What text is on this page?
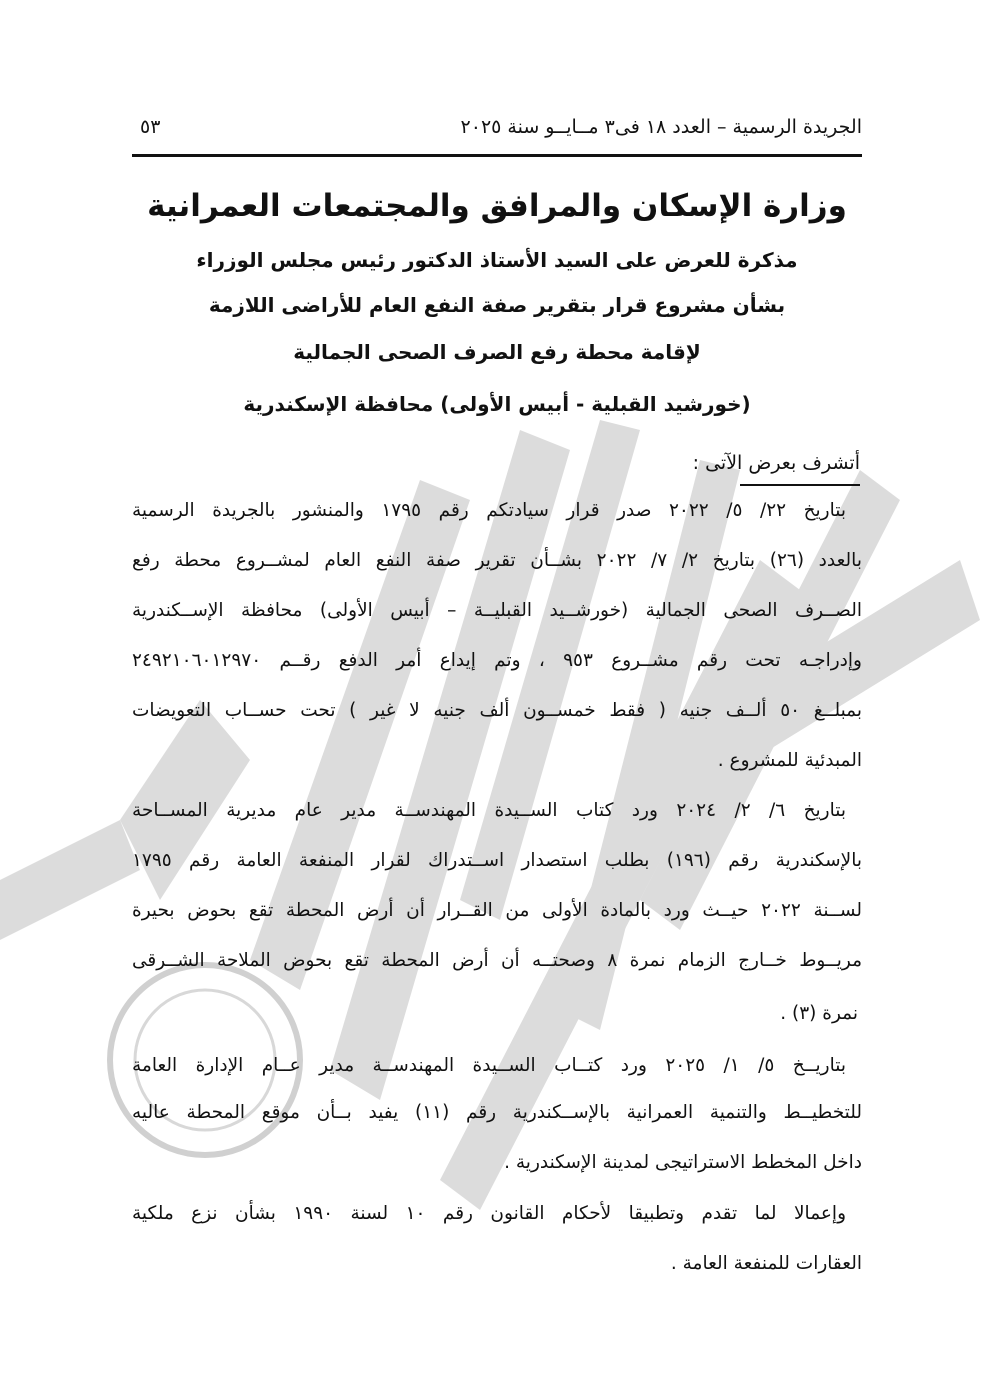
الجريدة الرسمية – العدد ١٨ فى٣ مــايــو سنة ٢٠٢٥
٥٣
وزارة الإسكان والمرافق والمجتمعات العمرانية
مذكرة للعرض على السيد الأستاذ الدكتور رئيس مجلس الوزراء
بشأن مشروع قرار بتقرير صفة النفع العام للأراضى اللازمة
لإقامة محطة رفع الصرف الصحى الجمالية
(خورشيد القبلية - أبيس الأولى) محافظة الإسكندرية
أتشرف بعرض الآتى :
بتاريخ ٢٢/ ٥/ ٢٠٢٢ صدر قرار سيادتكم رقم ١٧٩٥ والمنشور بالجريدة الرسمية
بالعدد (٢٦) بتاريخ ٢/ ٧/ ٢٠٢٢ بشــأن تقرير صفة النفع العام لمشــروع محطة رفع
الصــرف الصحى الجمالية (خورشــيد القبليــة – أبيس الأولى) محافظة الإســكندرية
وإدراجـه تحت رقم مشــروع ٩٥٣ ، وتم إيداع أمر الدفع رقــم ٢٤٩٢١٠٦٠١٢٩٧٠
بمبلــغ ٥٠ ألــف جنيه ( فقط خمســون ألف جنيه لا غير ) تحت حســاب التعويضات
المبدئية للمشروع .
بتاريخ ٦/ ٢/ ٢٠٢٤ ورد كتاب الســيدة المهندســة مدير عام مديرية المســاحة
بالإسكندرية رقم (١٩٦) بطلب استصدار اســتدراك لقرار المنفعة العامة رقم ١٧٩٥
لســنة ٢٠٢٢ حيــث ورد بالمادة الأولى من القــرار أن أرض المحطة تقع بحوض بحيرة
مريــوط خــارج الزمام نمرة ٨ وصحتــه أن أرض المحطة تقع بحوض الملاحة الشــرقى
نمرة (٣) .
بتاريــخ ٥/ ١/ ٢٠٢٥ ورد كتــاب الســيدة المهندســة مدير عــام الإدارة العامة
للتخطيــط والتنمية العمرانية بالإســكندرية رقم (١١) يفيد بــأن موقع المحطة عاليه
داخل المخطط الاستراتيجى لمدينة الإسكندرية .
وإعمالا لما تقدم وتطبيقا لأحكام القانون رقم ١٠ لسنة ١٩٩٠ بشأن نزع ملكية
العقارات للمنفعة العامة .
